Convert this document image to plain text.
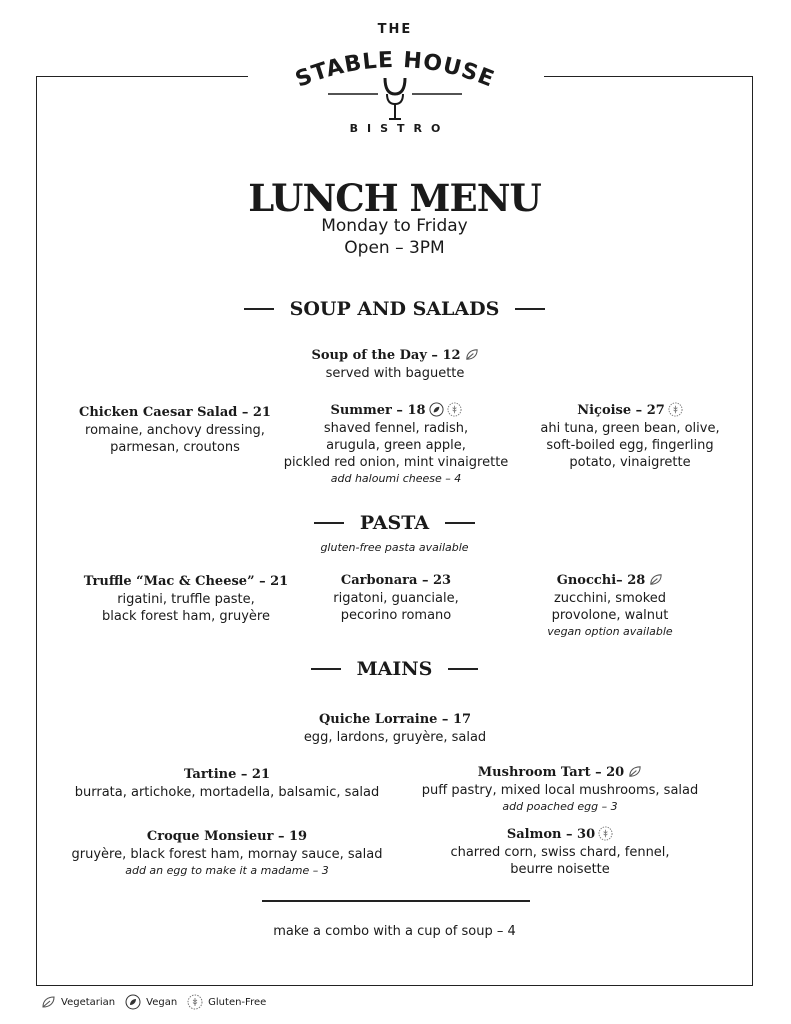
THE
STABLE HOUSE
BISTRO
LUNCH MENU
Monday to Friday
Open – 3PM
SOUP AND SALADS
Soup of the Day – 12
served with baguette
Chicken Caesar Salad – 21
romaine, anchovy dressing,
parmesan, croutons
Summer – 18
shaved fennel, radish,
arugula, green apple,
pickled red onion, mint vinaigrette
add haloumi cheese – 4
Niçoise – 27
ahi tuna, green bean, olive,
soft-boiled egg, fingerling
potato, vinaigrette
PASTA
gluten-free pasta available
Truffle “Mac & Cheese” – 21
rigatini, truffle paste,
black forest ham, gruyère
Carbonara – 23
rigatoni, guanciale,
pecorino romano
Gnocchi– 28
zucchini, smoked
provolone, walnut
vegan option available
MAINS
Quiche Lorraine – 17
egg, lardons, gruyère, salad
Tartine – 21
burrata, artichoke, mortadella, balsamic, salad
Mushroom Tart – 20
puff pastry, mixed local mushrooms, salad
add poached egg – 3
Croque Monsieur – 19
gruyère, black forest ham, mornay sauce, salad
add an egg to make it a madame – 3
Salmon – 30
charred corn, swiss chard, fennel,
beurre noisette
make a combo with a cup of soup – 4
Vegetarian	Vegan	Gluten-Free
